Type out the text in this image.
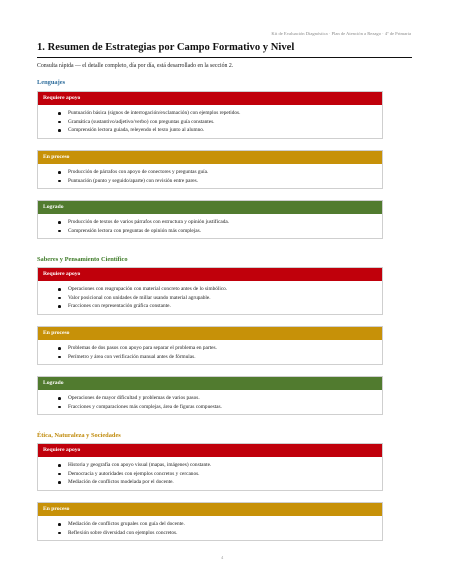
Kit de Evaluación Diagnóstica · Plan de Atención a Rezago · 4º de Primaria
1. Resumen de Estrategias por Campo Formativo y Nivel
Consulta rápida — el detalle completo, día por día, está desarrollado en la sección 2.
Lenguajes
Requiere apoyo
Puntuación básica (signos de interrogación/exclamación) con ejemplos repetidos.
Gramática (sustantivo/adjetivo/verbo) con preguntas guía constantes.
Comprensión lectora guiada, releyendo el texto junto al alumno.
En proceso
Producción de párrafos con apoyo de conectores y preguntas guía.
Puntuación (punto y seguido/aparte) con revisión entre pares.
Logrado
Producción de textos de varios párrafos con estructura y opinión justificada.
Comprensión lectora con preguntas de opinión más complejas.
Saberes y Pensamiento Científico
Requiere apoyo
Operaciones con reagrupación con material concreto antes de lo simbólico.
Valor posicional con unidades de millar usando material agrupable.
Fracciones con representación gráfica constante.
En proceso
Problemas de dos pasos con apoyo para separar el problema en partes.
Perímetro y área con verificación manual antes de fórmulas.
Logrado
Operaciones de mayor dificultad y problemas de varios pasos.
Fracciones y comparaciones más complejas, área de figuras compuestas.
Ética, Naturaleza y Sociedades
Requiere apoyo
Historia y geografía con apoyo visual (mapas, imágenes) constante.
Democracia y autoridades con ejemplos concretos y cercanos.
Mediación de conflictos modelada por el docente.
En proceso
Mediación de conflictos grupales con guía del docente.
Reflexión sobre diversidad con ejemplos concretos.
4
